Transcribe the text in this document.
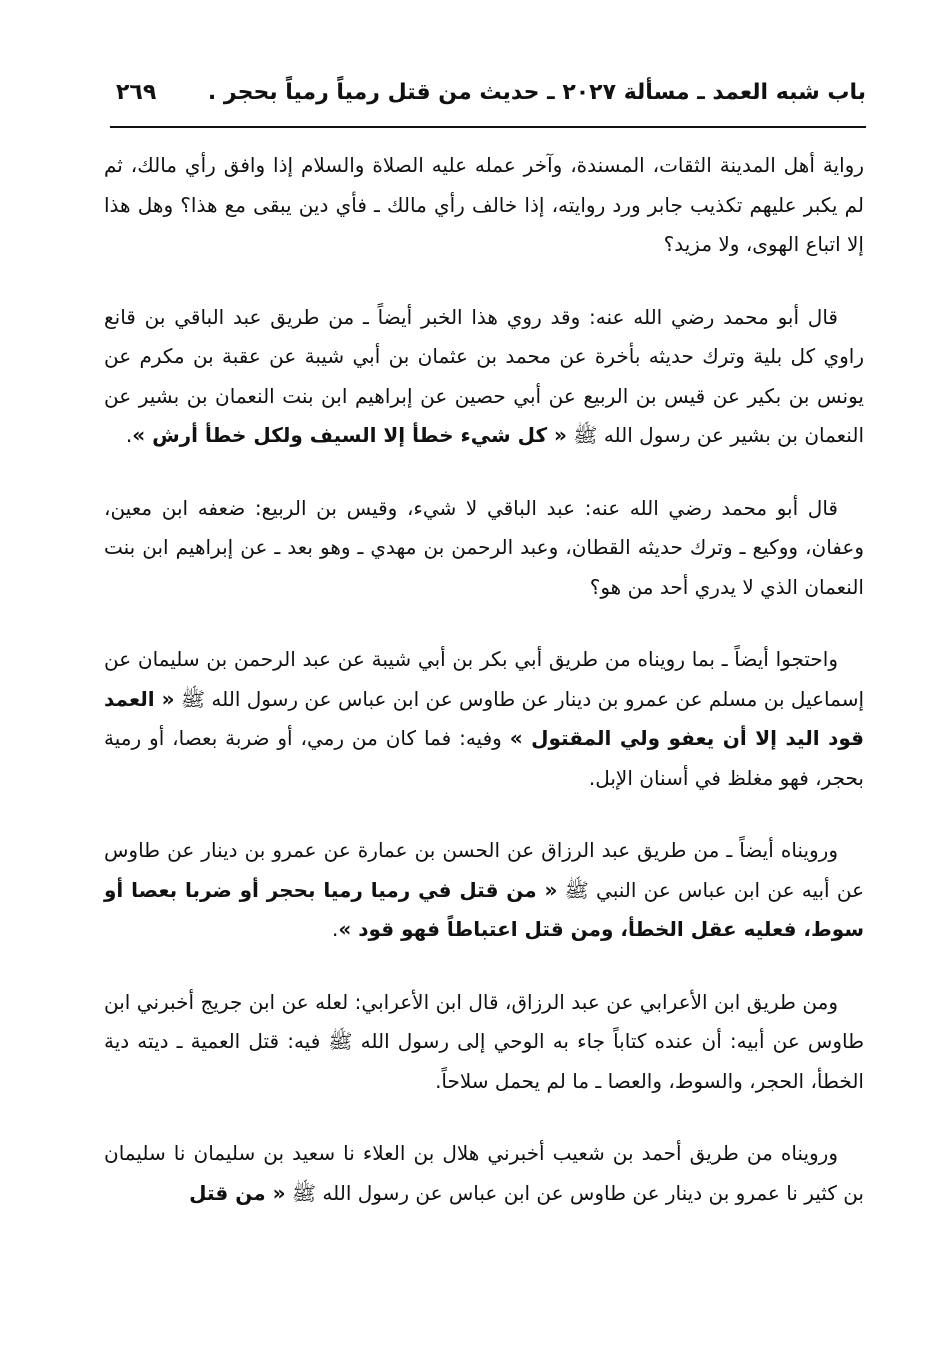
باب شبه العمد ـ مسألة ٢٠٢٧ ـ حديث من قتل رمياً رمياً بحجر .
٢٦٩

رواية أهل المدينة الثقات، المسندة، وآخر عمله عليه الصلاة والسلام إذا وافق رأي مالك، ثم لم يكبر عليهم تكذيب جابر ورد روايته، إذا خالف رأي مالك ـ فأي دين يبقى مع هذا؟ وهل هذا إلا اتباع الهوى، ولا مزيد؟

قال أبو محمد رضي الله عنه: وقد روي هذا الخبر أيضاً ـ من طريق عبد الباقي بن قانع راوي كل بلية وترك حديثه بأخرة عن محمد بن عثمان بن أبي شيبة عن عقبة بن مكرم عن يونس بن بكير عن قيس بن الربيع عن أبي حصين عن إبراهيم ابن بنت النعمان بن بشير عن النعمان بن بشير عن رسول الله ﷺ « كل شيء خطأ إلا السيف ولكل خطأ أرش ».

قال أبو محمد رضي الله عنه: عبد الباقي لا شيء، وقيس بن الربيع: ضعفه ابن معين، وعفان، ووكيع ـ وترك حديثه القطان، وعبد الرحمن بن مهدي ـ وهو بعد ـ عن إبراهيم ابن بنت النعمان الذي لا يدري أحد من هو؟

واحتجوا أيضاً ـ بما رويناه من طريق أبي بكر بن أبي شيبة عن عبد الرحمن بن سليمان عن إسماعيل بن مسلم عن عمرو بن دينار عن طاوس عن ابن عباس عن رسول الله ﷺ « العمد قود اليد إلا أن يعفو ولي المقتول » وفيه: فما كان من رمي، أو ضربة بعصا، أو رمية بحجر، فهو مغلظ في أسنان الإبل.

ورويناه أيضاً ـ من طريق عبد الرزاق عن الحسن بن عمارة عن عمرو بن دينار عن طاوس عن أبيه عن ابن عباس عن النبي ﷺ « من قتل في رميا رميا بحجر أو ضربا بعصا أو سوط، فعليه عقل الخطأ، ومن قتل اعتباطاً فهو قود ».

ومن طريق ابن الأعرابي عن عبد الرزاق، قال ابن الأعرابي: لعله عن ابن جريج أخبرني ابن طاوس عن أبيه: أن عنده كتاباً جاء به الوحي إلى رسول الله ﷺ فيه: قتل العمية ـ ديته دية الخطأ، الحجر، والسوط، والعصا ـ ما لم يحمل سلاحاً.

ورويناه من طريق أحمد بن شعيب أخبرني هلال بن العلاء نا سعيد بن سليمان نا سليمان بن كثير نا عمرو بن دينار عن طاوس عن ابن عباس عن رسول الله ﷺ « من قتل
